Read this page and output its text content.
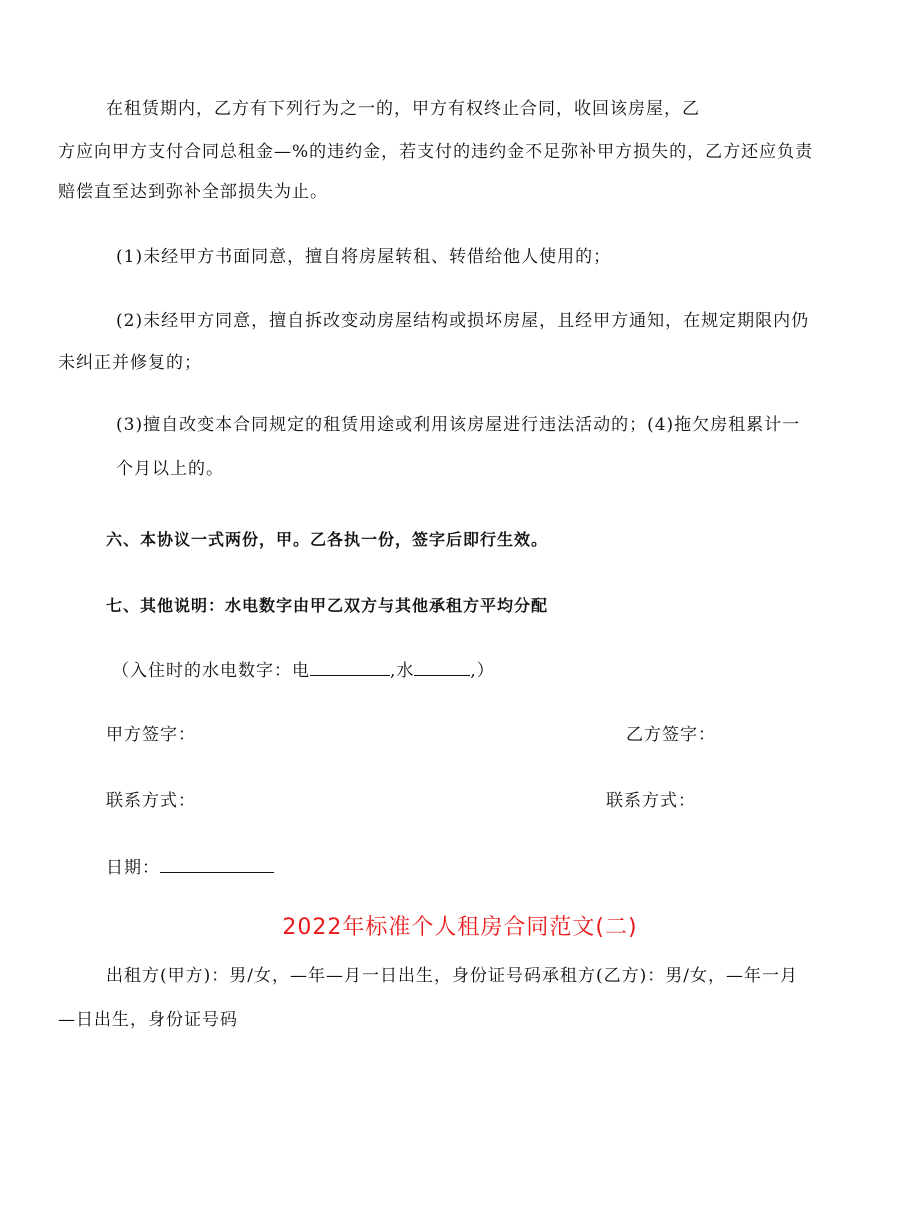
在租赁期内，乙方有下列行为之一的，甲方有权终止合同，收回该房屋，乙
方应向甲方支付合同总租金—%的违约金，若支付的违约金不足弥补甲方损失的，乙方还应负责
赔偿直至达到弥补全部损失为止。
(1)未经甲方书面同意，擅自将房屋转租、转借给他人使用的；
(2)未经甲方同意，擅自拆改变动房屋结构或损坏房屋，且经甲方通知，在规定期限内仍
未纠正并修复的；
(3)擅自改变本合同规定的租赁用途或利用该房屋进行违法活动的；(4)拖欠房租累计一
个月以上的。
六、本协议一式两份，甲。乙各执一份，签字后即行生效。
七、其他说明：水电数字由甲乙双方与其他承租方平均分配
（入住时的水电数字：电	,水	,）
甲方签字：	乙方签字：
联系方式：	联系方式：
日期：
2022年标准个人租房合同范文(二)
出租方(甲方)：男/女，—年—月一日出生，身份证号码承租方(乙方)：男/女，—年一月
—日出生，身份证号码
